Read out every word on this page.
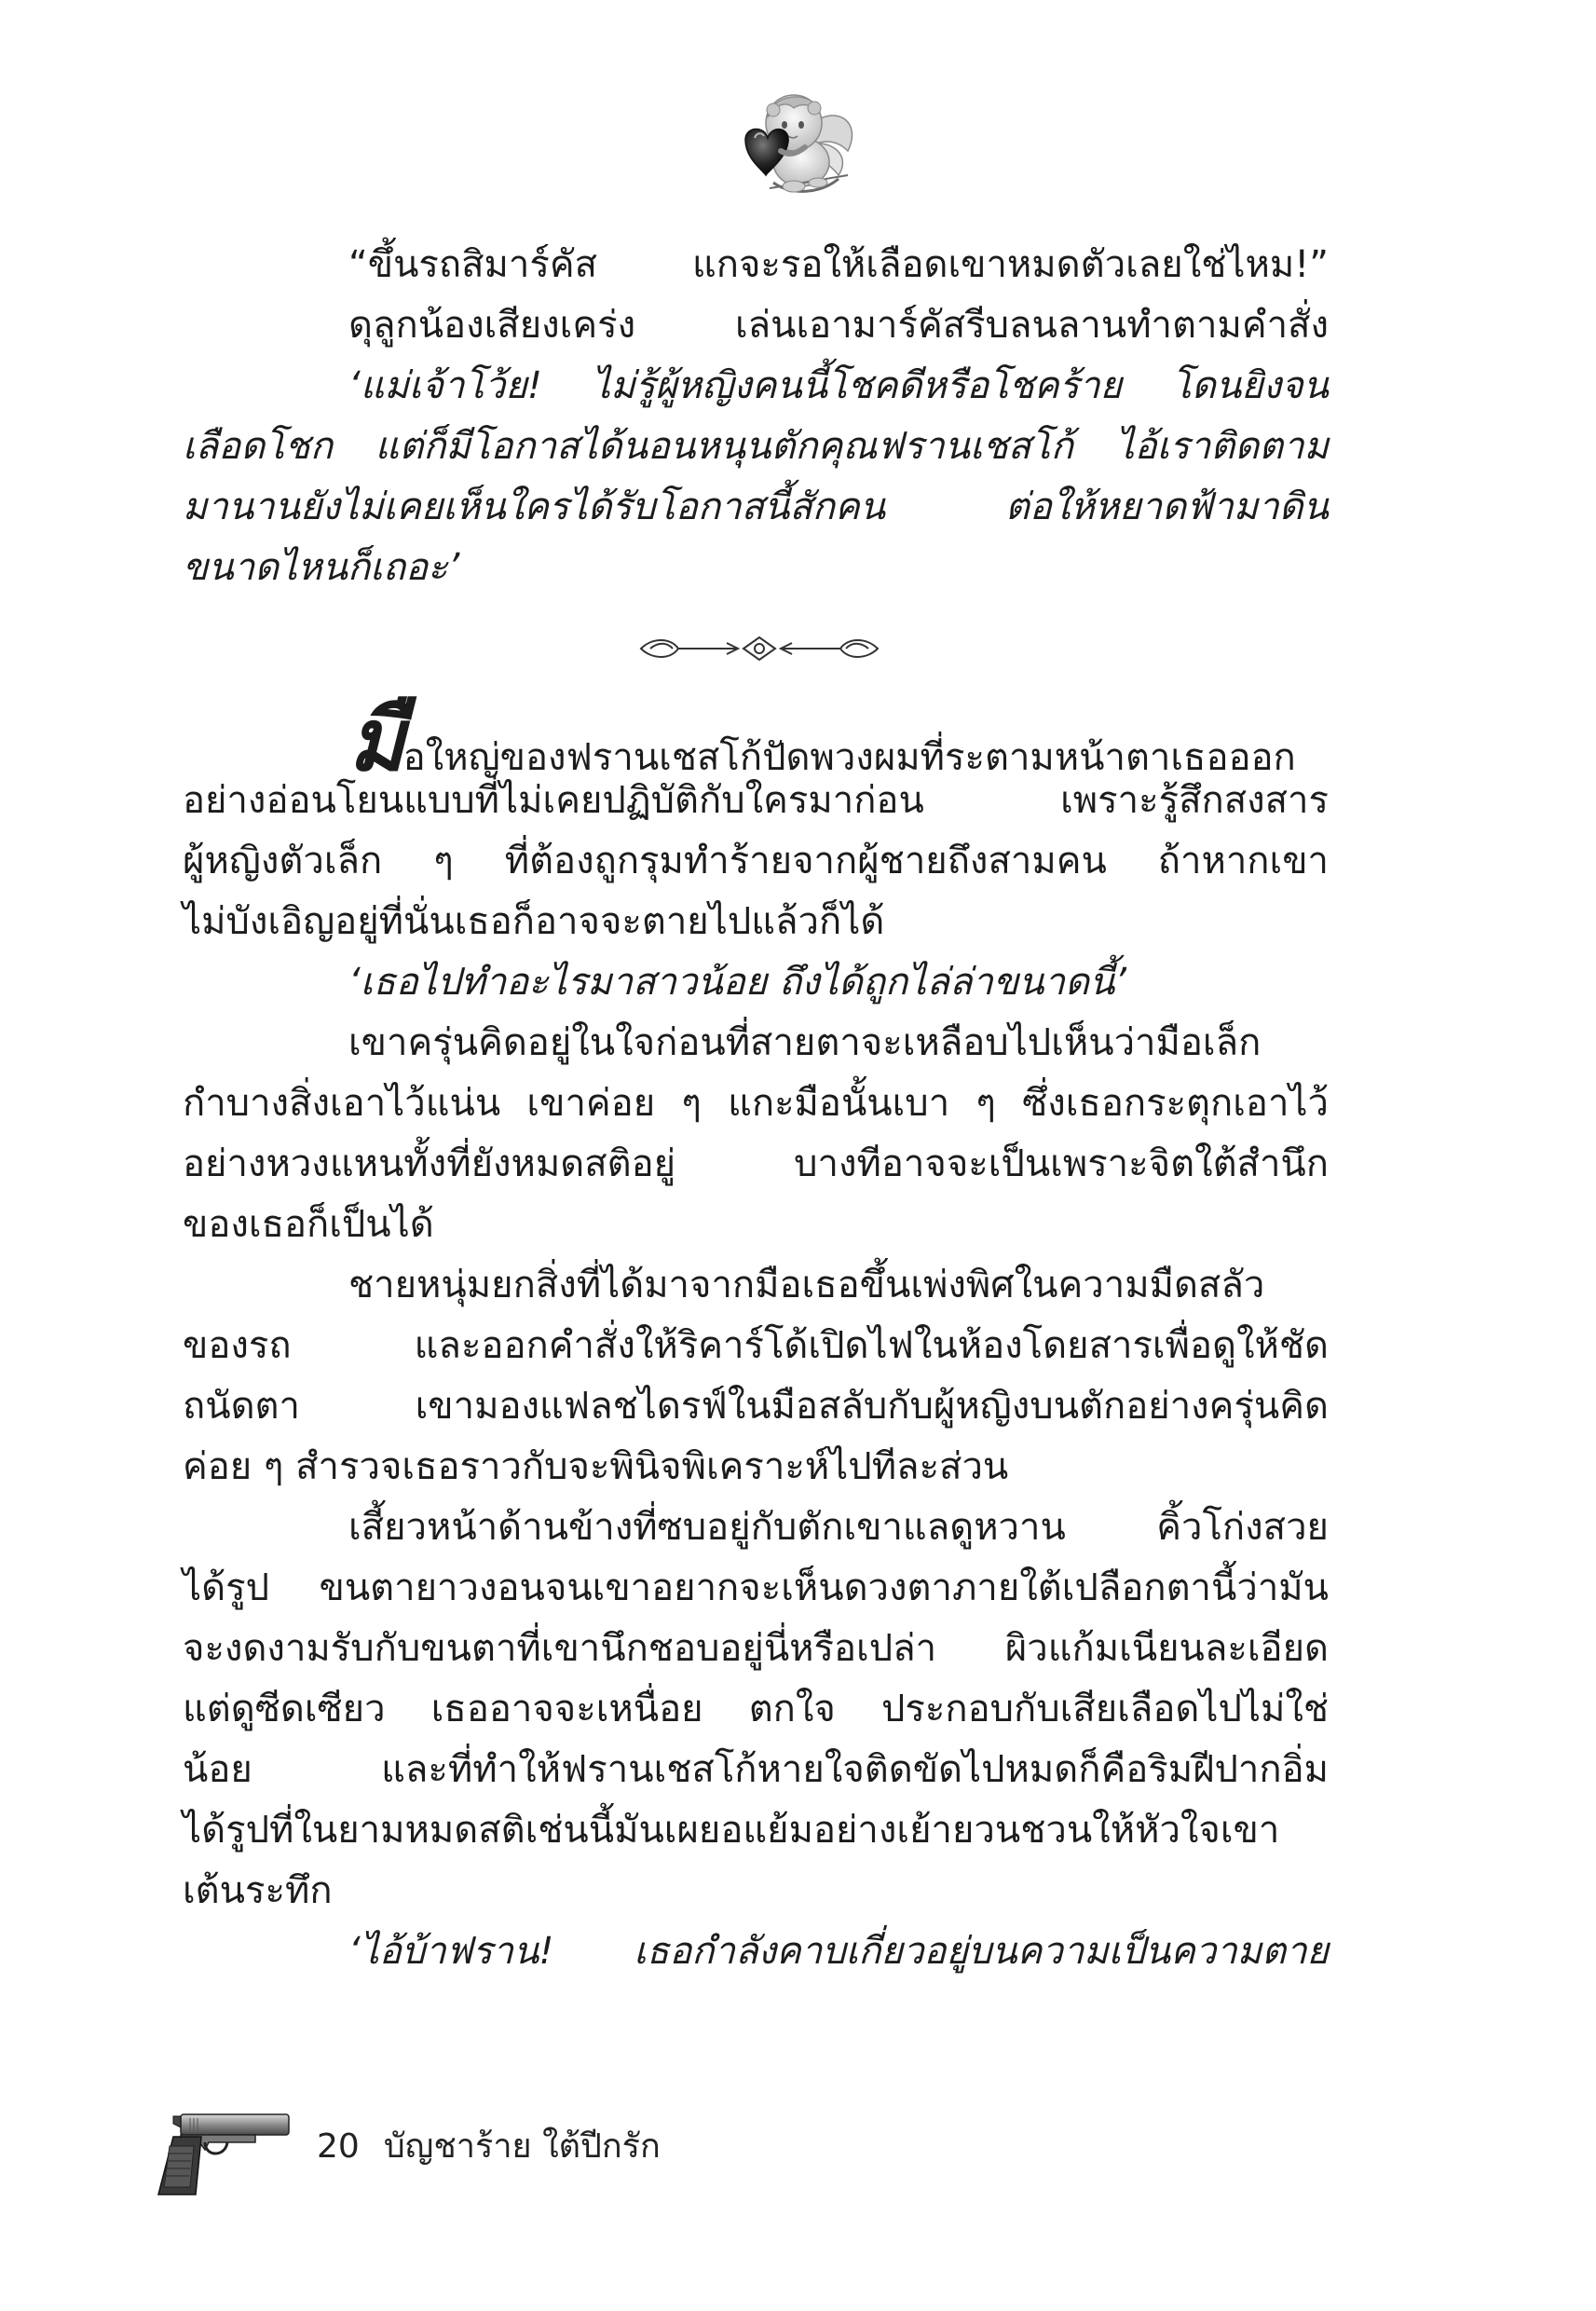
“ขึ้นรถสิมาร์คัส แกจะรอให้เลือดเขาหมดตัวเลยใช่ไหม!”
ดุลูกน้องเสียงเคร่ง เล่นเอามาร์คัสรีบลนลานทำตามคำสั่ง
‘แม่เจ้าโว้ย! ไม่รู้ผู้หญิงคนนี้โชคดีหรือโชคร้าย โดนยิงจน
เลือดโชก แต่ก็มีโอกาสได้นอนหนุนตักคุณฟรานเชสโก้ ไอ้เราติดตาม
มานานยังไม่เคยเห็นใครได้รับโอกาสนี้สักคน ต่อให้หยาดฟ้ามาดิน
ขนาดไหนก็เถอะ’
มือใหญ่ของฟรานเชสโก้ปัดพวงผมที่ระตามหน้าตาเธอออก
อย่างอ่อนโยนแบบที่ไม่เคยปฏิบัติกับใครมาก่อน เพราะรู้สึกสงสาร
ผู้หญิงตัวเล็ก ๆ ที่ต้องถูกรุมทำร้ายจากผู้ชายถึงสามคน ถ้าหากเขา
ไม่บังเอิญอยู่ที่นั่นเธอก็อาจจะตายไปแล้วก็ได้
‘เธอไปทำอะไรมาสาวน้อย ถึงได้ถูกไล่ล่าขนาดนี้’
เขาครุ่นคิดอยู่ในใจก่อนที่สายตาจะเหลือบไปเห็นว่ามือเล็ก
กำบางสิ่งเอาไว้แน่น เขาค่อย ๆ แกะมือนั้นเบา ๆ ซึ่งเธอกระตุกเอาไว้
อย่างหวงแหนทั้งที่ยังหมดสติอยู่ บางทีอาจจะเป็นเพราะจิตใต้สำนึก
ของเธอก็เป็นได้
ชายหนุ่มยกสิ่งที่ได้มาจากมือเธอขึ้นเพ่งพิศในความมืดสลัว
ของรถ และออกคำสั่งให้ริคาร์โด้เปิดไฟในห้องโดยสารเพื่อดูให้ชัด
ถนัดตา เขามองแฟลชไดรฟ์ในมือสลับกับผู้หญิงบนตักอย่างครุ่นคิด
ค่อย ๆ สำรวจเธอราวกับจะพินิจพิเคราะห์ไปทีละส่วน
เสี้ยวหน้าด้านข้างที่ซบอยู่กับตักเขาแลดูหวาน คิ้วโก่งสวย
ได้รูป ขนตายาวงอนจนเขาอยากจะเห็นดวงตาภายใต้เปลือกตานี้ว่ามัน
จะงดงามรับกับขนตาที่เขานึกชอบอยู่นี่หรือเปล่า ผิวแก้มเนียนละเอียด
แต่ดูซีดเซียว เธออาจจะเหนื่อย ตกใจ ประกอบกับเสียเลือดไปไม่ใช่
น้อย และที่ทำให้ฟรานเชสโก้หายใจติดขัดไปหมดก็คือริมฝีปากอิ่ม
ได้รูปที่ในยามหมดสติเช่นนี้มันเผยอแย้มอย่างเย้ายวนชวนให้หัวใจเขา
เต้นระทึก
‘ไอ้บ้าฟราน! เธอกำลังคาบเกี่ยวอยู่บนความเป็นความตาย
20 บัญชาร้าย ใต้ปีกรัก
